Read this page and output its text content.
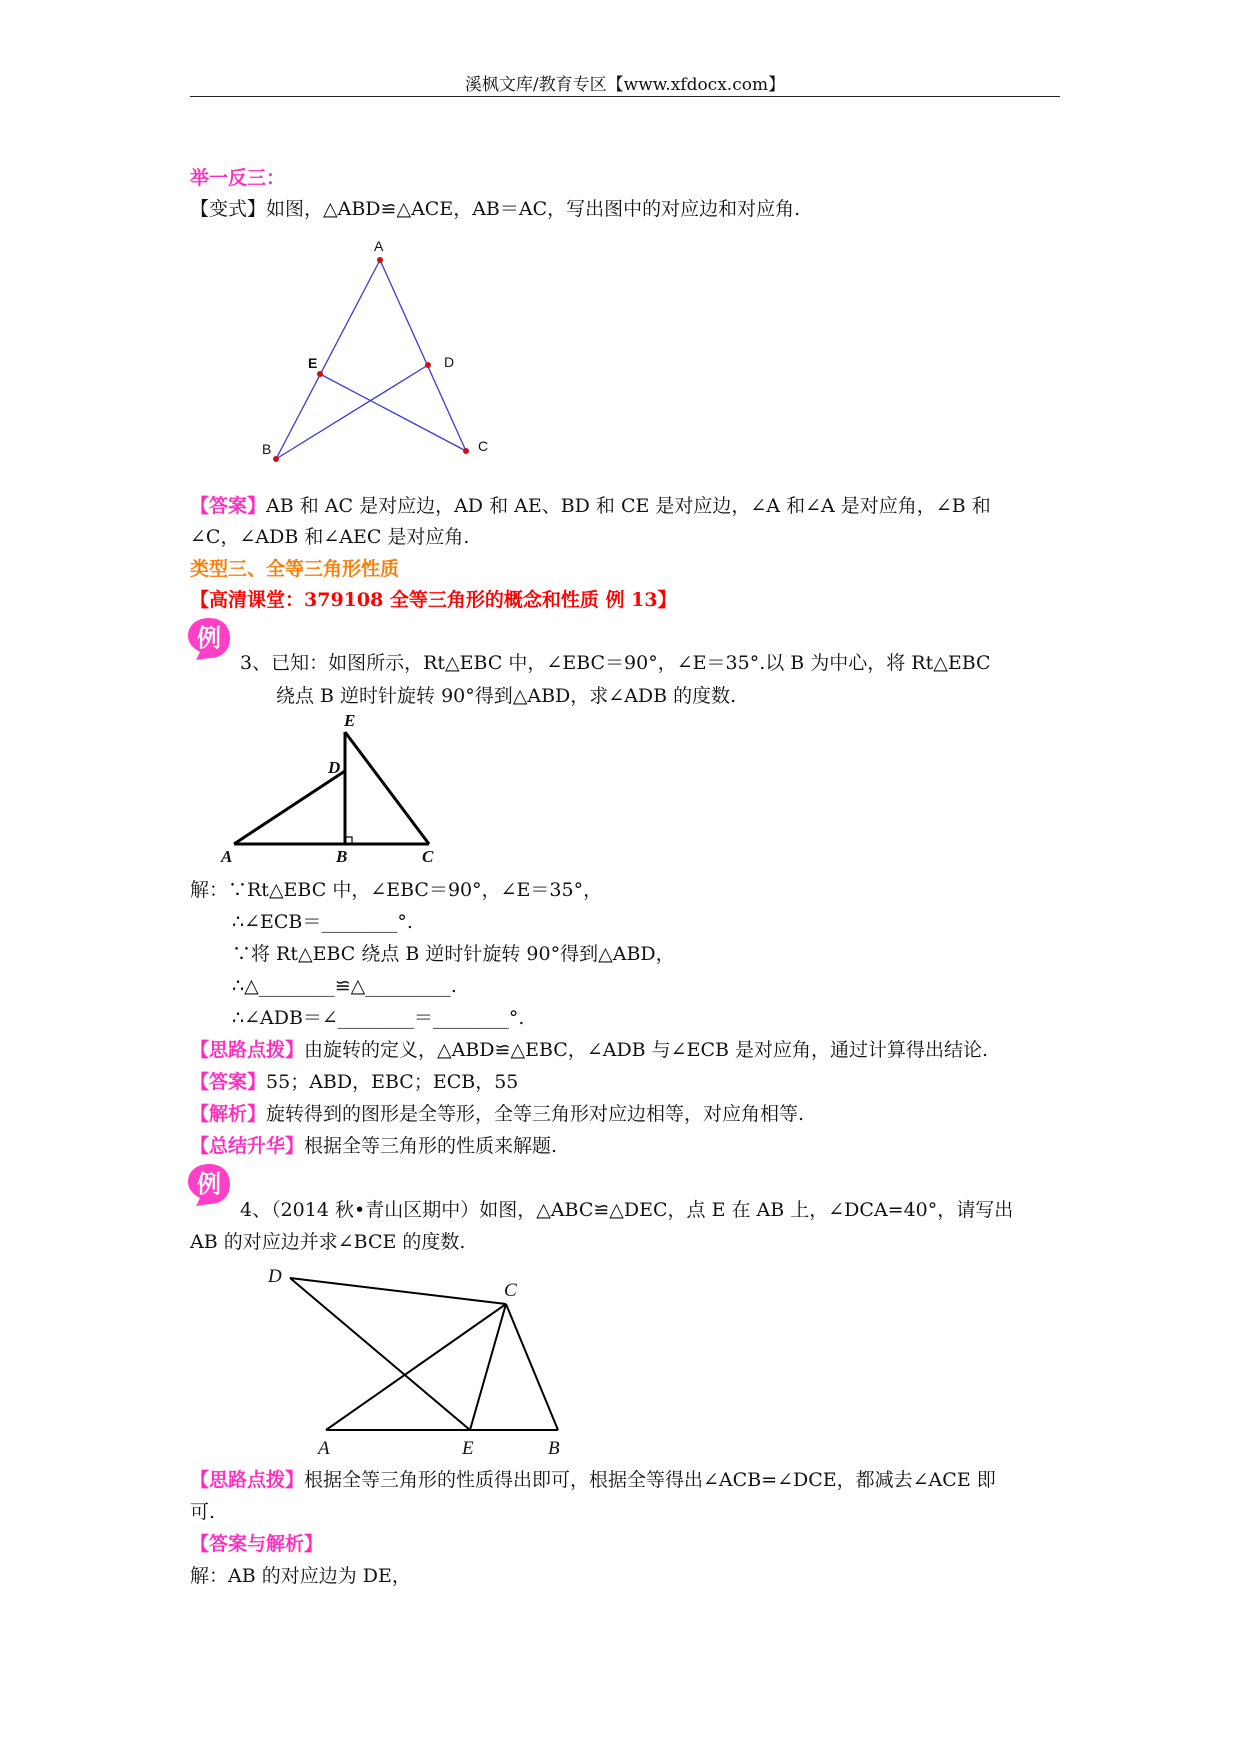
溪枫文库/教育专区【www.xfdocx.com】
举一反三：
【变式】如图，△ABD≌△ACE，AB＝AC，写出图中的对应边和对应角.
A
E	D
B	C
【答案】AB 和 AC 是对应边，AD 和 AE、BD 和 CE 是对应边，∠A 和∠A 是对应角，∠B 和
∠C，∠ADB 和∠AEC 是对应角.
类型三、全等三角形性质
【高清课堂：379108 全等三角形的概念和性质 例 13】
例
3、已知：如图所示，Rt△EBC 中，∠EBC＝90°，∠E＝35°.以 B 为中心，将 Rt△EBC
绕点 B 逆时针旋转 90°得到△ABD，求∠ADB 的度数.
E
D
A	B	C
解：∵Rt△EBC 中，∠EBC＝90°，∠E＝35°，
∴∠ECB＝________°.
∵将 Rt△EBC 绕点 B 逆时针旋转 90°得到△ABD，
∴△________≌△_________.
∴∠ADB＝∠________＝________°.
【思路点拨】由旋转的定义，△ABD≌△EBC，∠ADB 与∠ECB 是对应角，通过计算得出结论.
【答案】55；ABD，EBC；ECB，55
【解析】旋转得到的图形是全等形，全等三角形对应边相等，对应角相等.
【总结升华】根据全等三角形的性质来解题.
例
4、（2014 秋•青山区期中）如图，△ABC≌△DEC，点 E 在 AB 上，∠DCA=40°，请写出
AB 的对应边并求∠BCE 的度数.
D
C
A	E	B
【思路点拨】根据全等三角形的性质得出即可，根据全等得出∠ACB=∠DCE，都减去∠ACE 即
可.
【答案与解析】
解：AB 的对应边为 DE，
